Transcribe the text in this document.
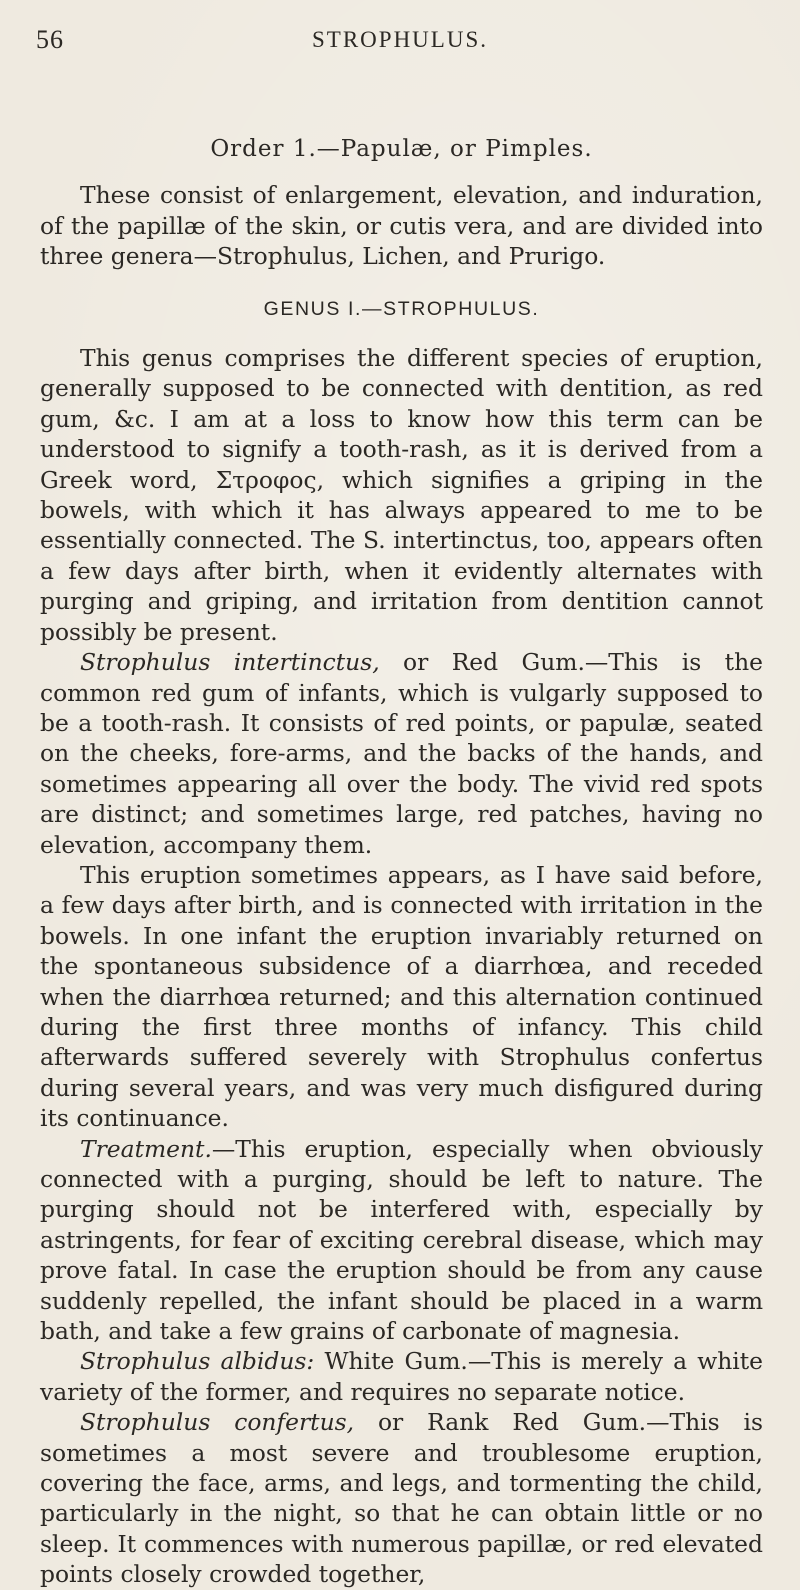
56	STROPHULUS.
Order 1.—Papulæ, or Pimples.

These consist of enlargement, elevation, and induration, of the papillæ of the skin, or cutis vera, and are divided into three genera—Strophulus, Lichen, and Prurigo.

GENUS I.—STROPHULUS.

This genus comprises the different species of eruption, generally supposed to be connected with dentition, as red gum, &c. I am at a loss to know how this term can be understood to signify a tooth-rash, as it is derived from a Greek word, Στροφος, which signifies a griping in the bowels, with which it has always appeared to me to be essentially connected. The S. intertinctus, too, appears often a few days after birth, when it evidently alternates with purging and griping, and irritation from dentition cannot possibly be present.

Strophulus intertinctus, or Red Gum.—This is the common red gum of infants, which is vulgarly supposed to be a tooth-rash. It consists of red points, or papulæ, seated on the cheeks, fore-arms, and the backs of the hands, and sometimes appearing all over the body. The vivid red spots are distinct; and sometimes large, red patches, having no elevation, accompany them.

This eruption sometimes appears, as I have said before, a few days after birth, and is connected with irritation in the bowels. In one infant the eruption invariably returned on the spontaneous subsidence of a diarrhœa, and receded when the diarrhœa returned; and this alternation continued during the first three months of infancy. This child afterwards suffered severely with Strophulus confertus during several years, and was very much disfigured during its continuance.

Treatment.—This eruption, especially when obviously connected with a purging, should be left to nature. The purging should not be interfered with, especially by astringents, for fear of exciting cerebral disease, which may prove fatal. In case the eruption should be from any cause suddenly repelled, the infant should be placed in a warm bath, and take a few grains of carbonate of magnesia.

Strophulus albidus: White Gum.—This is merely a white variety of the former, and requires no separate notice.

Strophulus confertus, or Rank Red Gum.—This is sometimes a most severe and troublesome eruption, covering the face, arms, and legs, and tormenting the child, particularly in the night, so that he can obtain little or no sleep. It commences with numerous papillæ, or red elevated points closely crowded together,
